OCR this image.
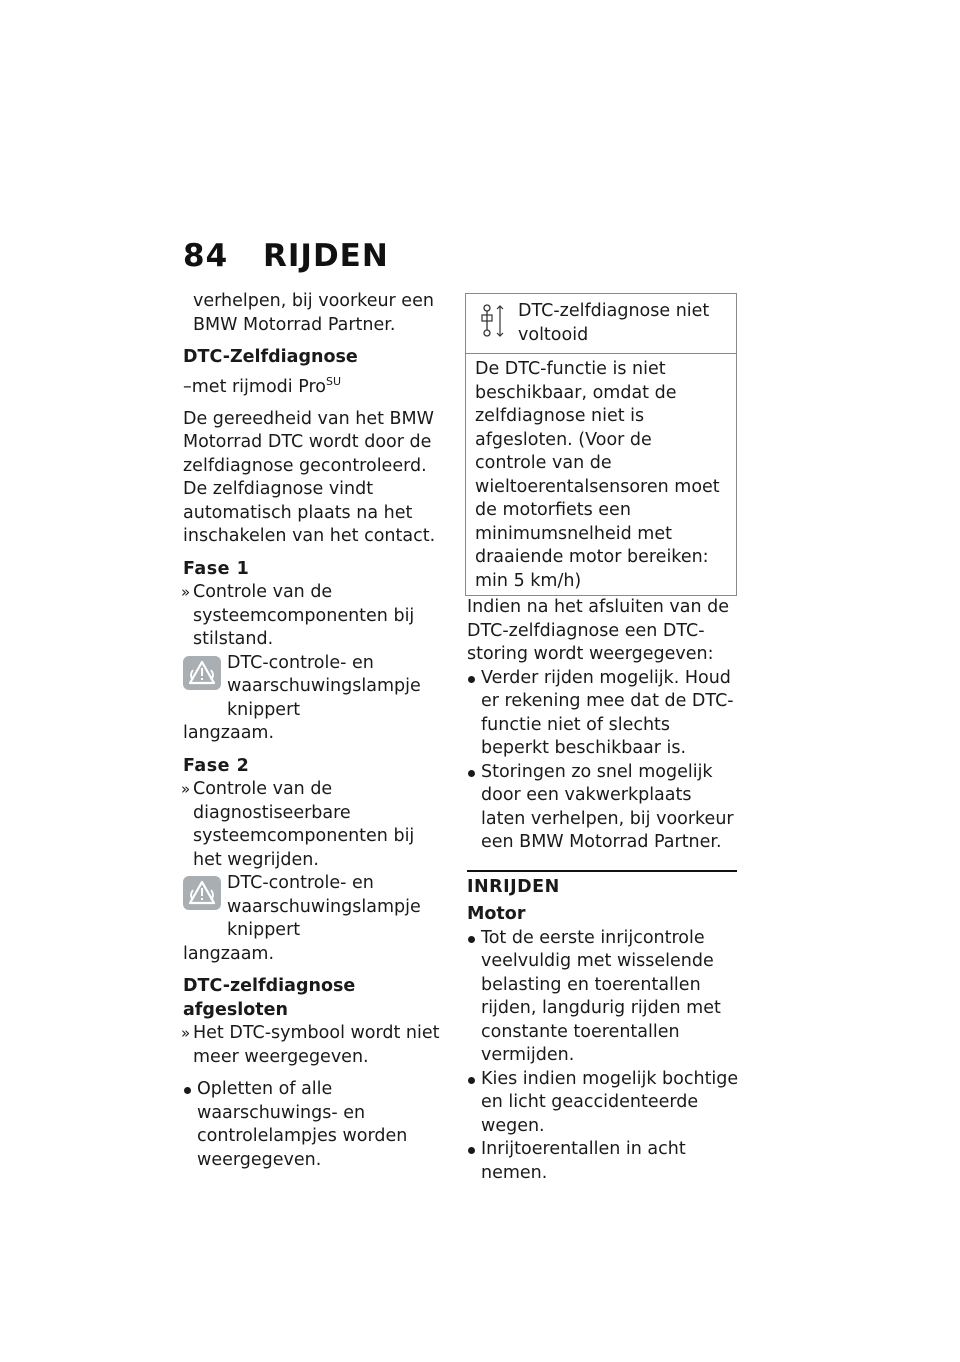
84 RIJDEN

verhelpen, bij voorkeur een BMW Motorrad Partner.

DTC-Zelfdiagnose

–met rijmodi Pro$^{SU}$

De gereedheid van het BMW Motorrad DTC wordt door de zelfdiagnose gecontroleerd. De zelfdiagnose vindt automatisch plaats na het inschakelen van het contact.

Fase 1

» Controle van de systeemcomponenten bij stilstand.

DTC-controle- en waarschuwingslampje knippert
langzaam.

Fase 2

» Controle van de diagnostiseerbare systeemcomponenten bij het wegrijden.

DTC-controle- en waarschuwingslampje knippert
langzaam.

DTC-zelfdiagnose afgesloten

» Het DTC-symbool wordt niet meer weergegeven.

Opletten of alle waarschuwings- en controlelampjes worden weergegeven.

DTC-zelfdiagnose niet voltooid
De DTC-functie is niet beschikbaar, omdat de zelfdiagnose niet is afgesloten. (Voor de controle van de wieltoerentalsensoren moet de motorfiets een minimumsnelheid met draaiende motor bereiken: min 5 km/h)

Indien na het afsluiten van de DTC-zelfdiagnose een DTC-storing wordt weergegeven:

Verder rijden mogelijk. Houd er rekening mee dat de DTC-functie niet of slechts beperkt beschikbaar is.

Storingen zo snel mogelijk door een vakwerkplaats laten verhelpen, bij voorkeur een BMW Motorrad Partner.

INRIJDEN

Motor

Tot de eerste inrijcontrole veelvuldig met wisselende belasting en toerentallen rijden, langdurig rijden met constante toerentallen vermijden.

Kies indien mogelijk bochtige en licht geaccidenteerde wegen.

Inrijtoerentallen in acht nemen.
